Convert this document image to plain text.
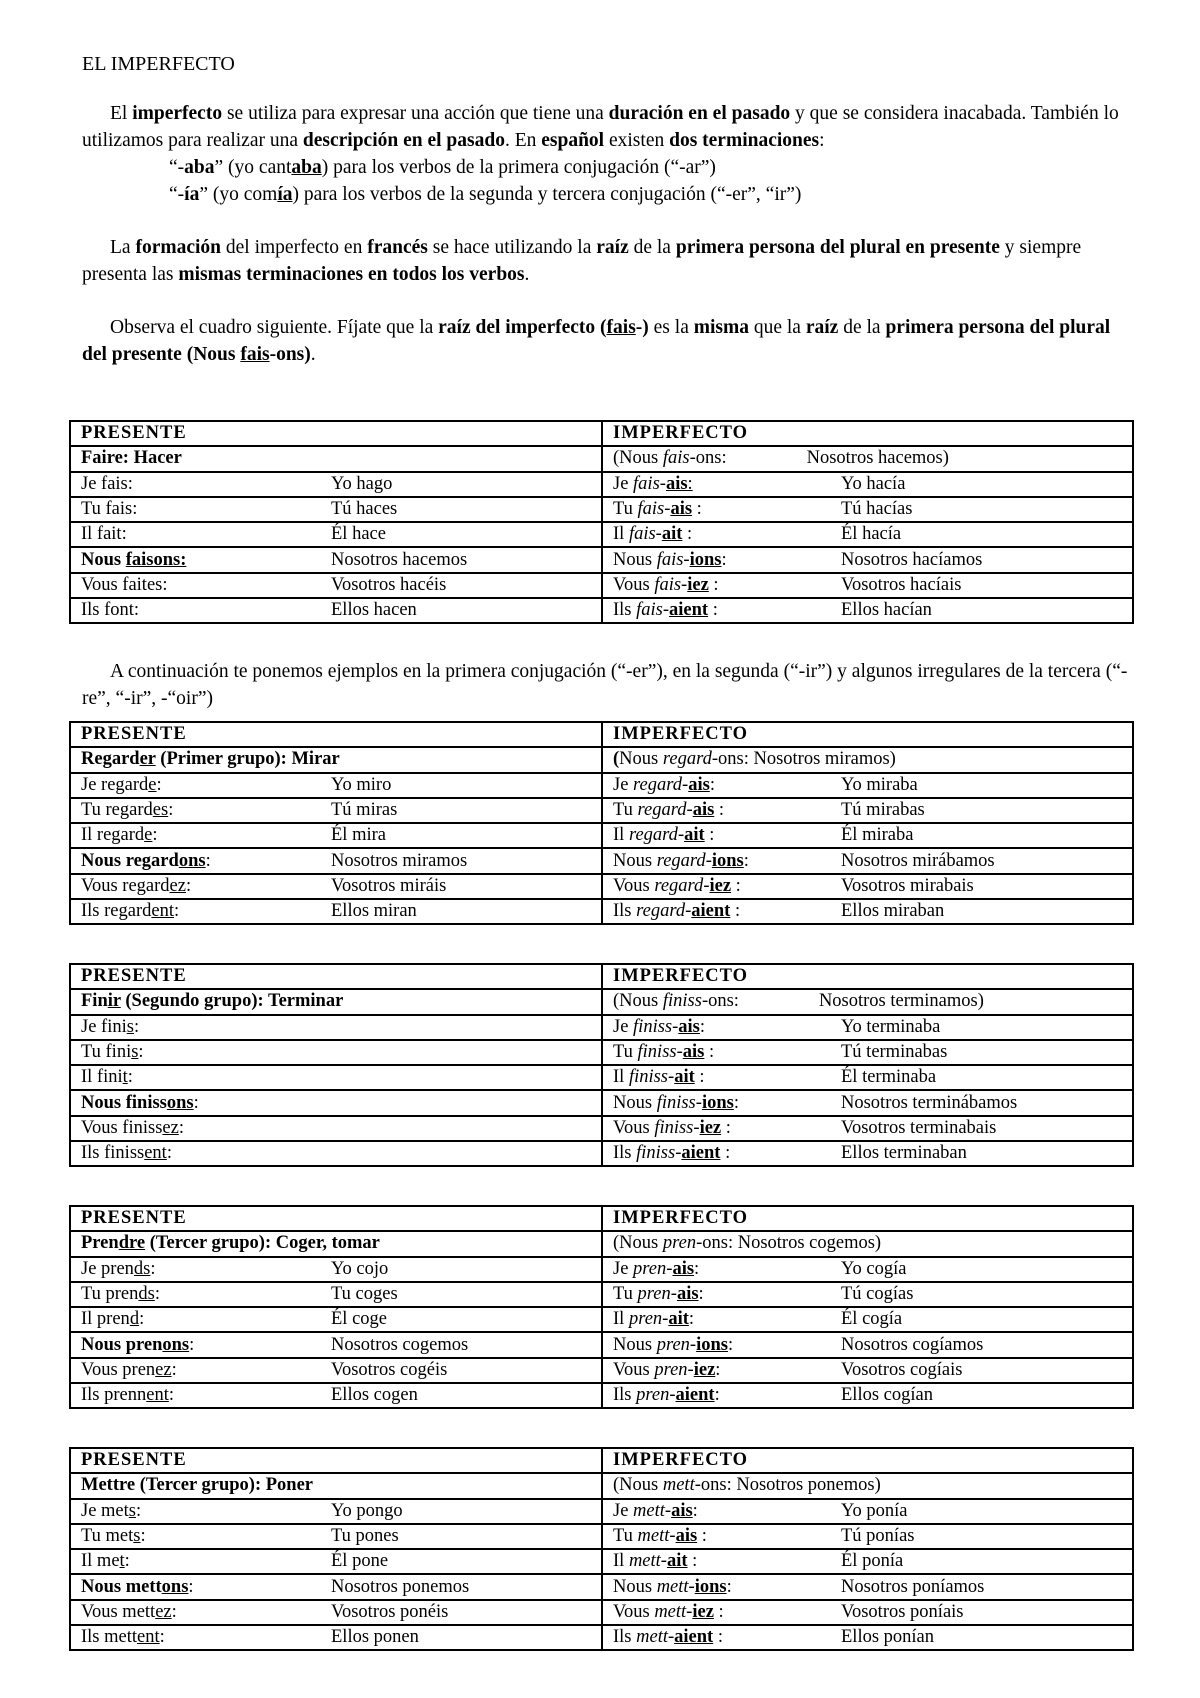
EL IMPERFECTO

El imperfecto se utiliza para expresar una acción que tiene una duración en el pasado y que se considera inacabada. También lo utilizamos para realizar una descripción en el pasado. En español existen dos terminaciones:

“-aba” (yo cantaba) para los verbos de la primera conjugación (“-ar”)

“-ía” (yo comía) para los verbos de la segunda y tercera conjugación (“-er”, “ir”)

La formación del imperfecto en francés se hace utilizando la raíz de la primera persona del plural en presente y siempre presenta las mismas terminaciones en todos los verbos.

Observa el cuadro siguiente. Fíjate que la raíz del imperfecto (fais-) es la misma que la raíz de la primera persona del plural del presente (Nous fais-ons).

A continuación te ponemos ejemplos en la primera conjugación (“-er”), en la segunda (“-ir”) y algunos irregulares de la tercera (“-re”, “-ir”, -“oir”)

PRESENTE	IMPERFECTO
Faire: Hacer	(Nous fais-ons: Nosotros hacemos)
Je fais: Yo hago	Je fais-ais: Yo hacía
Tu fais: Tú haces	Tu fais-ais : Tú hacías
Il fait: Él hace	Il fais-ait : Él hacía
Nous faisons: Nosotros hacemos	Nous fais-ions: Nosotros hacíamos
Vous faites: Vosotros hacéis	Vous fais-iez : Vosotros hacíais
Ils font: Ellos hacen	Ils fais-aient : Ellos hacían
PRESENTE	IMPERFECTO
Regarder (Primer grupo): Mirar	(Nous regard-ons: Nosotros miramos)
Je regarde: Yo miro	Je regard-ais: Yo miraba
Tu regardes: Tú miras	Tu regard-ais : Tú mirabas
Il regarde: Él mira	Il regard-ait : Él miraba
Nous regardons: Nosotros miramos	Nous regard-ions: Nosotros mirábamos
Vous regardez: Vosotros miráis	Vous regard-iez : Vosotros mirabais
Ils regardent: Ellos miran	Ils regard-aient : Ellos miraban
PRESENTE	IMPERFECTO
Finir (Segundo grupo): Terminar	(Nous finiss-ons: Nosotros terminamos)
Je finis:	Je finiss-ais: Yo terminaba
Tu finis:	Tu finiss-ais : Tú terminabas
Il finit:	Il finiss-ait : Él terminaba
Nous finissons:	Nous finiss-ions: Nosotros terminábamos
Vous finissez:	Vous finiss-iez : Vosotros terminabais
Ils finissent:	Ils finiss-aient : Ellos terminaban
PRESENTE	IMPERFECTO
Prendre (Tercer grupo): Coger, tomar	(Nous pren-ons: Nosotros cogemos)
Je prends: Yo cojo	Je pren-ais: Yo cogía
Tu prends: Tu coges	Tu pren-ais: Tú cogías
Il prend: Él coge	Il pren-ait: Él cogía
Nous prenons: Nosotros cogemos	Nous pren-ions: Nosotros cogíamos
Vous prenez: Vosotros cogéis	Vous pren-iez: Vosotros cogíais
Ils prennent: Ellos cogen	Ils pren-aient: Ellos cogían
PRESENTE	IMPERFECTO
Mettre (Tercer grupo): Poner	(Nous mett-ons: Nosotros ponemos)
Je mets: Yo pongo	Je mett-ais: Yo ponía
Tu mets: Tu pones	Tu mett-ais : Tú ponías
Il met: Él pone	Il mett-ait : Él ponía
Nous mettons: Nosotros ponemos	Nous mett-ions: Nosotros poníamos
Vous mettez: Vosotros ponéis	Vous mett-iez : Vosotros poníais
Ils mettent: Ellos ponen	Ils mett-aient : Ellos ponían
